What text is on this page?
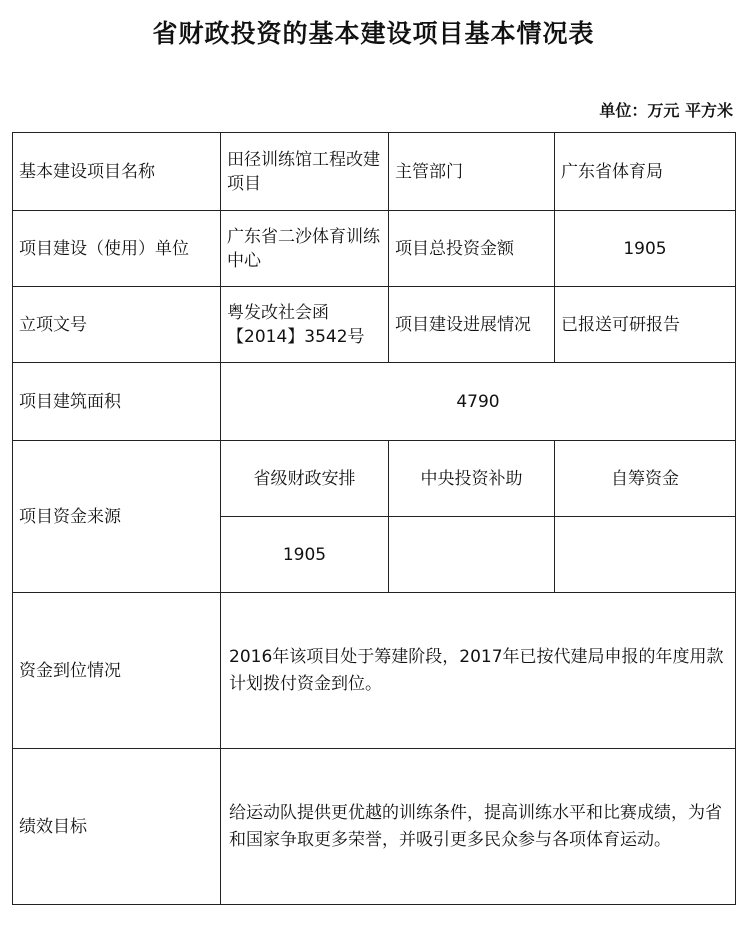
省财政投资的基本建设项目基本情况表
单位：万元 平方米
基本建设项目名称	田径训练馆工程改建项目	主管部门	广东省体育局

项目建设（使用）单位	广东省二沙体育训练中心	项目总投资金额	1905
立项文号	粤发改社会函【2014】3542号	项目建设进展情况	已报送可研报告

项目建筑面积	4790		
项目资金来源	省级财政安排	中央投资补助	自筹资金
	1905		
资金到位情况	2016年该项目处于筹建阶段，2017年已按代建局申报的年度用款计划拨付资金到位。		
绩效目标	给运动队提供更优越的训练条件，提高训练水平和比赛成绩，为省和国家争取更多荣誉，并吸引更多民众参与各项体育运动。		
